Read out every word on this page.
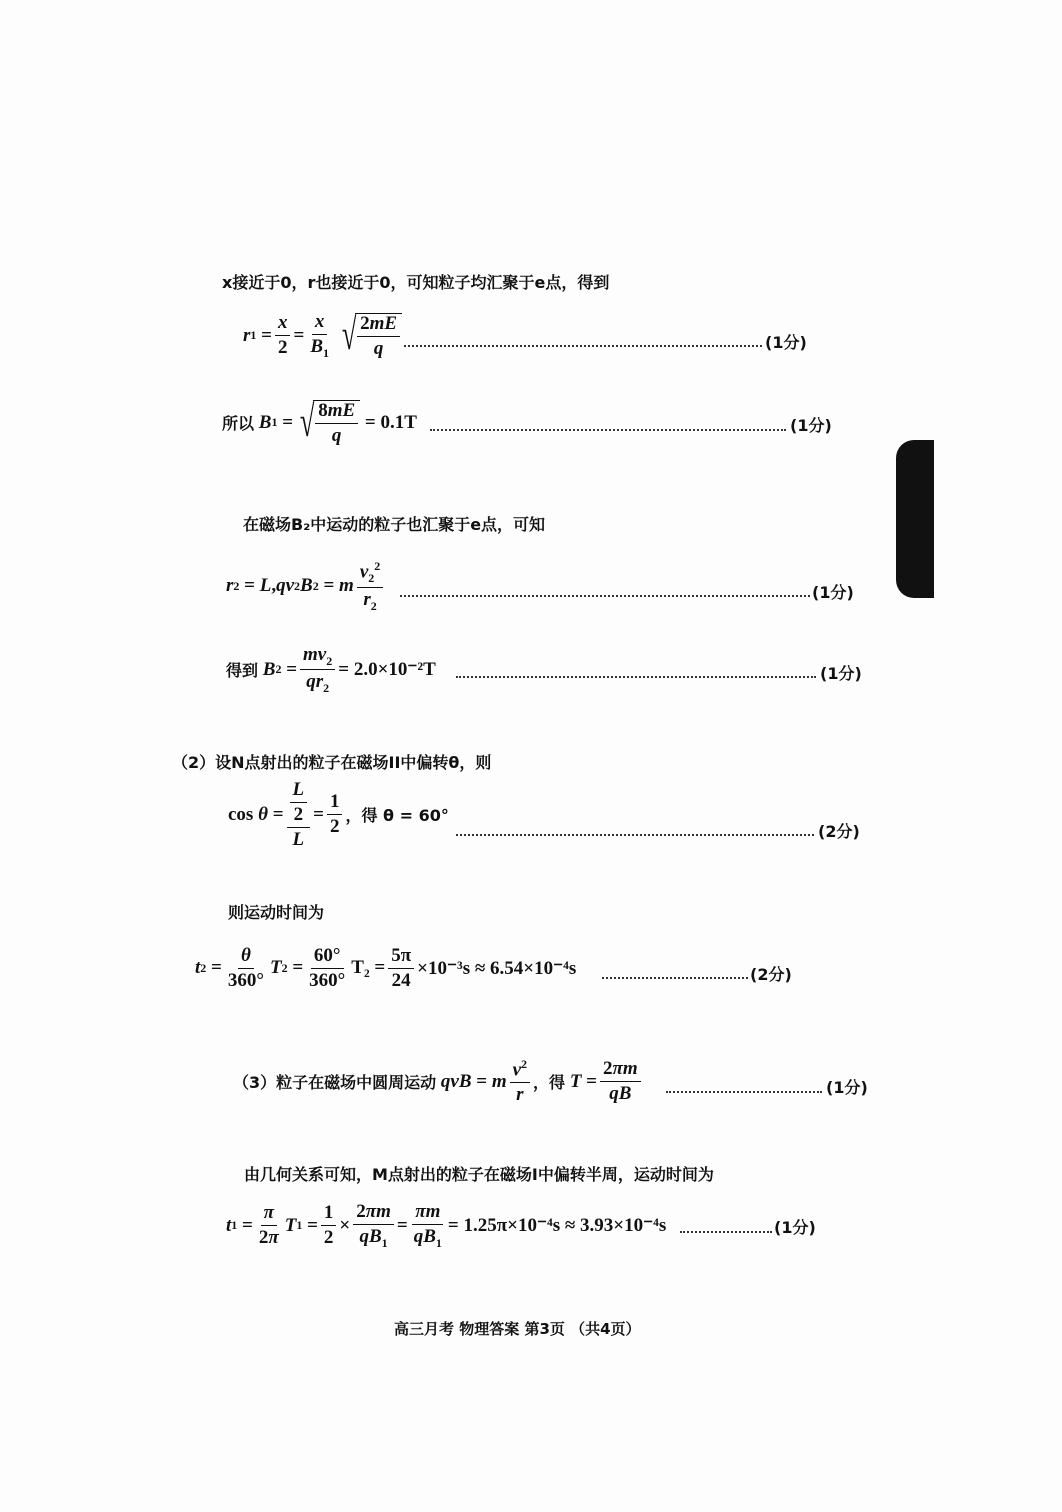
x接近于0，r也接近于0，可知粒子均汇聚于e点，得到
r $1 = \frac{x}{2} = \frac{x}{B_1}$ √ $\frac{2mE}{q}$	(1分)
所以
B 1 = √ $\frac{8mE}{q}$
= 0.1T	(1分)
在磁场B₂中运动的粒子也汇聚于e点，可知
r 2 = L , qv 2 B 2 = m $\frac{v_2^2}{r_2}$	(1分)
得到
B $2 = \frac{mv_2}{qr_2} = 2.0\times 10^{-2}T$	(1分)
（2）设N点射出的粒子在磁场II中偏转θ，则
$\cos \theta = \frac{\frac{L}{2}}{L} = \frac{1}{2}$ ，得 θ = 60°
(2分)
则运动时间为
t $2 = \frac{\theta}{360^\circ}$ T $2 = \frac{60^\circ}{360^\circ} T_2 = \frac{5\pi}{24} \times 10^{-3}s \approx 6.54\times 10^{-4}s$	(2分)
（3）粒子在磁场中圆周运动
qvB = m $\frac{v^2}{r}$ ，得
$T = \frac{2\pi m}{qB}$	(1分)
由几何关系可知，M点射出的粒子在磁场I中偏转半周，运动时间为
t $1 = \frac{\pi}{2\pi}$ T $1 = \frac{1}{2} \times \frac{2\pi m}{qB_1} = \frac{\pi m}{qB_1} = 1.25\pi\times 10^{-4}s \approx 3.93\times 10^{-4}s$	(1分)
高三月考 物理答案 第3页 （共4页）
